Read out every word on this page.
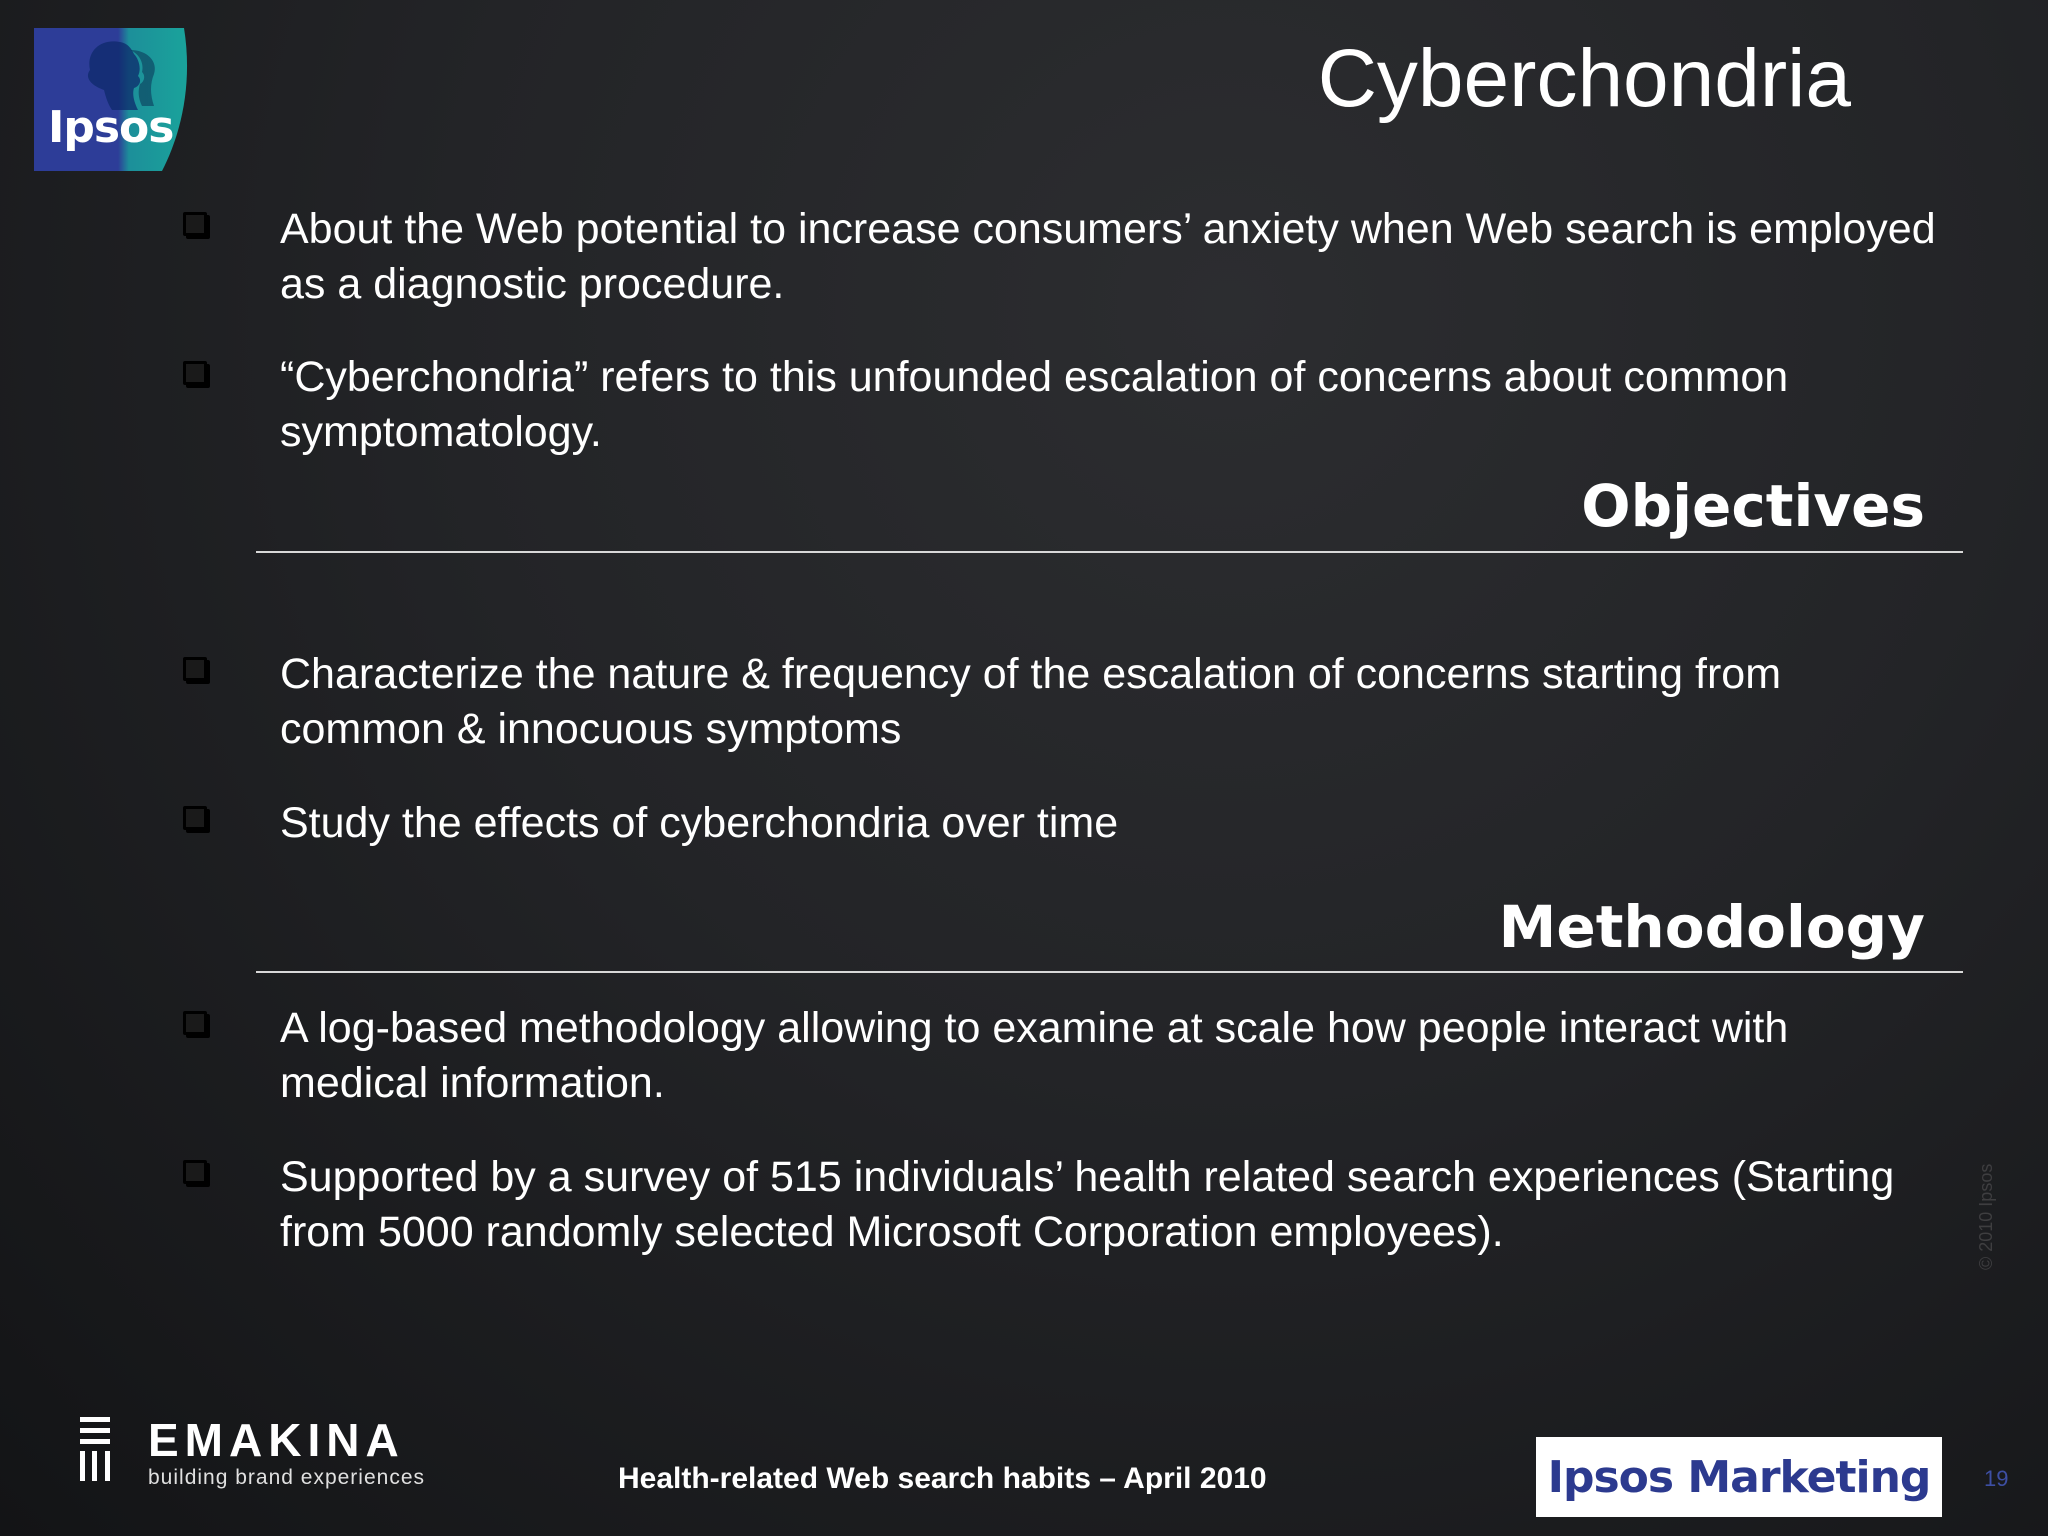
Ipsos
Cyberchondria

About the Web potential to increase consumers’ anxiety when Web search is employed as a diagnostic procedure.

“Cyberchondria” refers to this unfounded escalation of concerns about common symptomatology.

Objectives

Characterize the nature & frequency of the escalation of concerns starting from common & innocuous symptoms

Study the effects of cyberchondria over time

Methodology

A log-based methodology allowing to examine at scale how people interact with medical information.

Supported by a survey of 515 individuals’ health related search experiences (Starting from 5000 randomly selected Microsoft Corporation employees).	© 2010 Ipsos
EMAKINA
building brand experiences	Health-related Web search habits – April 2010	Ipsos Marketing 19
